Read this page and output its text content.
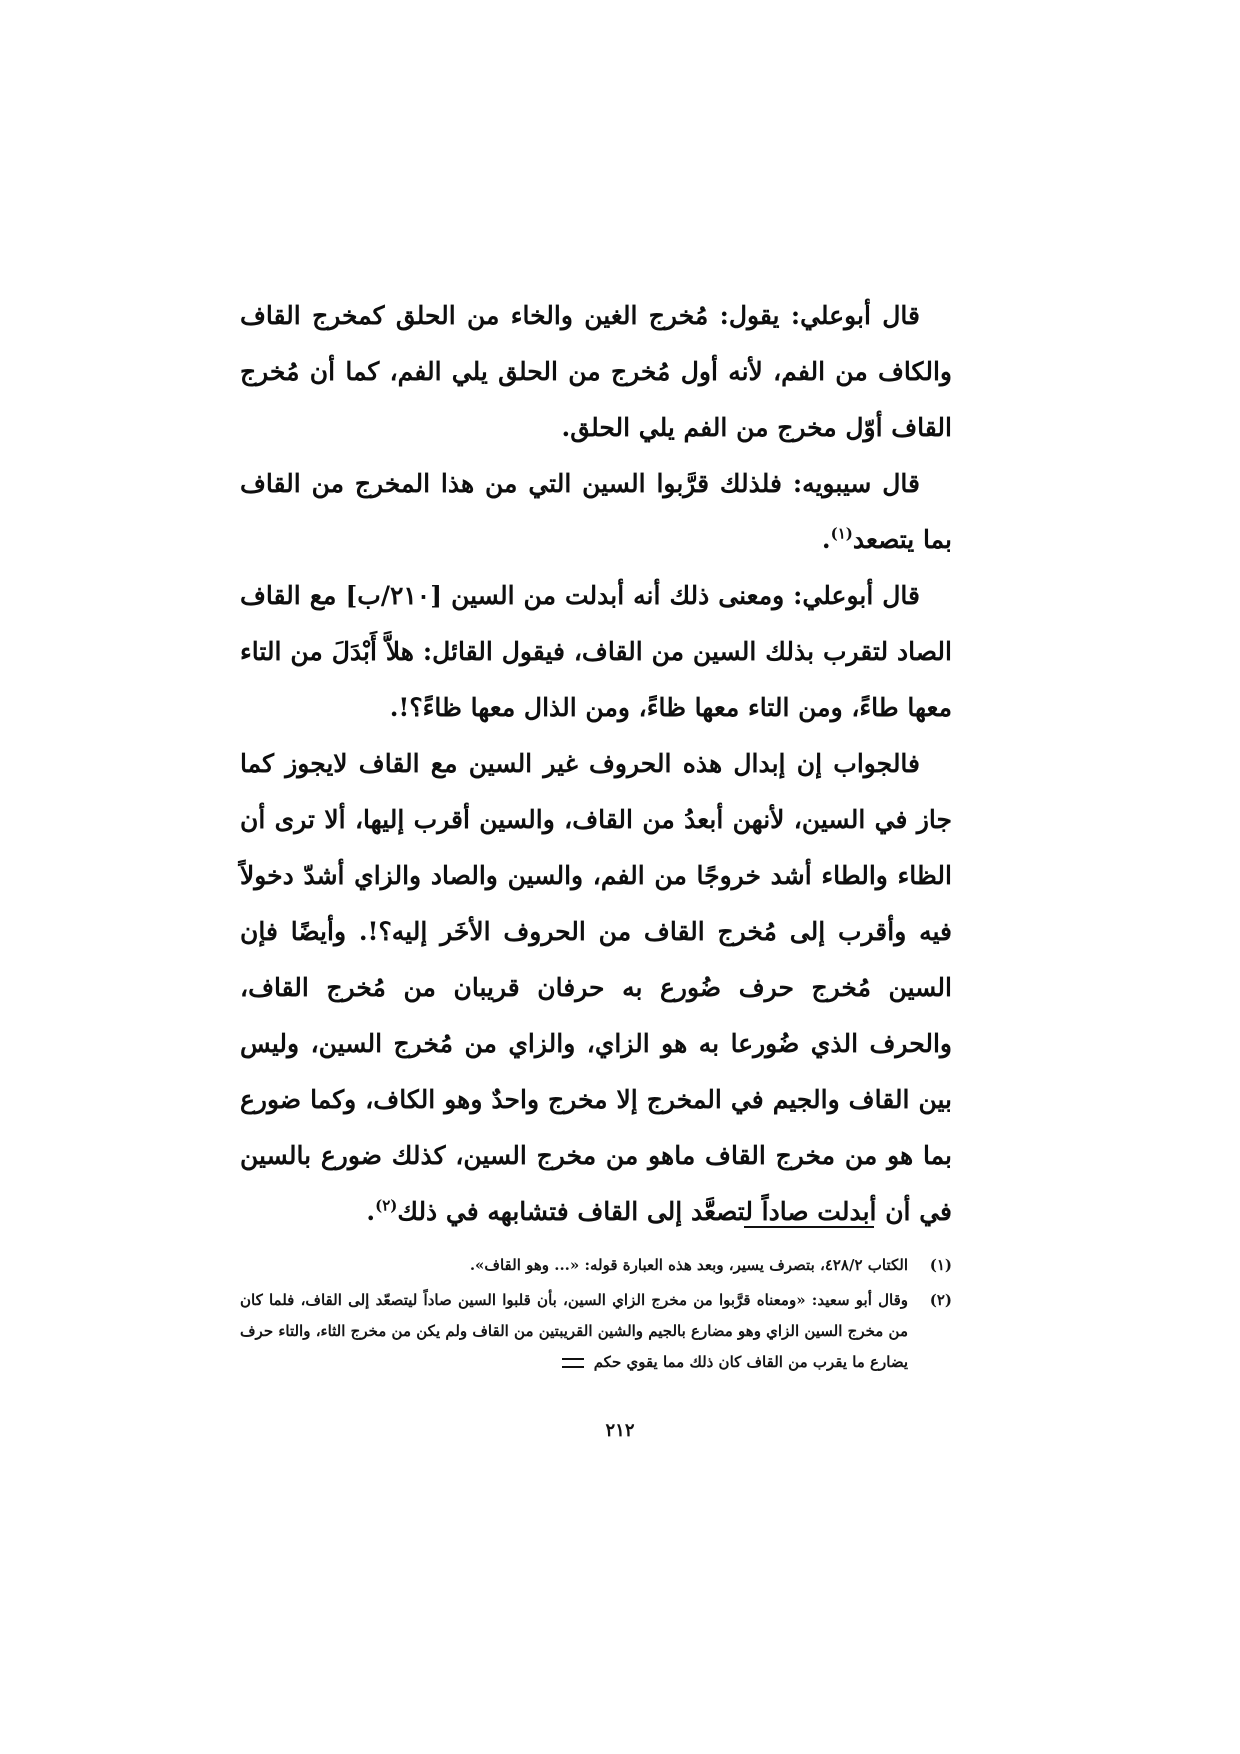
قال أبوعلي: يقول: مُخرج الغين والخاء من الحلق كمخرج القاف والكاف من الفم، لأنه أول مُخرج من الحلق يلي الفم، كما أن مُخرج القاف أوّل مخرج من الفم يلي الحلق.

قال سيبويه: فلذلك قرَّبوا السين التي من هذا المخرج من القاف بما يتصعد$^{(١)}$.

قال أبوعلي: ومعنى ذلك أنه أبدلت من السين [٢١٠/ب] مع القاف الصاد لتقرب بذلك السين من القاف، فيقول القائل: هلاَّ أَبْدَلَ من التاء معها طاءً، ومن التاء معها ظاءً، ومن الذال معها ظاءً؟!.

فالجواب إن إبدال هذه الحروف غير السين مع القاف لايجوز كما جاز في السين، لأنهن أبعدُ من القاف، والسين أقرب إليها، ألا ترى أن الظاء والطاء أشد خروجًا من الفم، والسين والصاد والزاي أشدّ دخولاً فيه وأقرب إلى مُخرج القاف من الحروف الأخَر إليه؟!. وأيضًا فإن السين مُخرج حرف ضُورع به حرفان قريبان من مُخرج القاف، والحرف الذي ضُورعا به هو الزاي، والزاي من مُخرج السين، وليس بين القاف والجيم في المخرج إلا مخرج واحدٌ وهو الكاف، وكما ضورع بما هو من مخرج القاف ماهو من مخرج السين، كذلك ضورع بالسين في أن أبدلت صاداً لتصعَّد إلى القاف فتشابهه في ذلك$^{(٢)}$.

(١)
الكتاب ٤٢٨/٢، بتصرف يسير، وبعد هذه العبارة قوله: «... وهو القاف».
(٢)
وقال أبو سعيد: «ومعناه قرَّبوا من مخرج الزاي السين، بأن قلبوا السين صاداً ليتصعّد إلى القاف، فلما كان من مخرج السين الزاي وهو مضارع بالجيم والشين القريبتين من القاف ولم يكن من مخرج الثاء، والتاء حرف يضارع ما يقرب من القاف كان ذلك مما يقوي حكم
٢١٢
